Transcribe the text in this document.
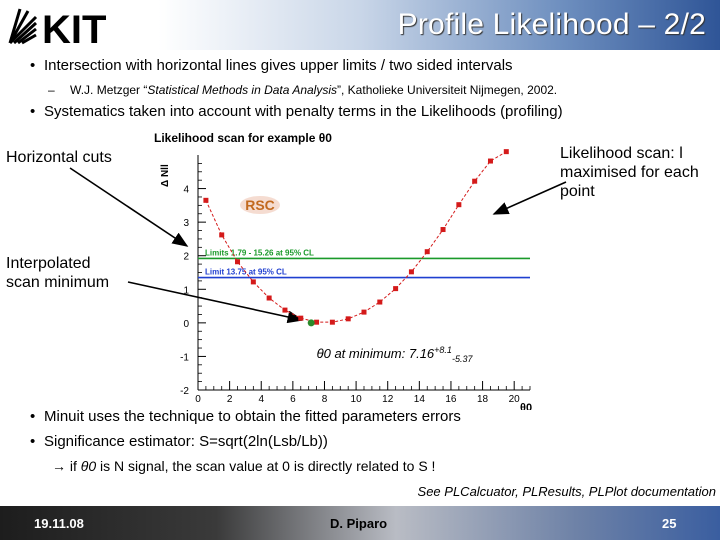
KIT	Profile Likelihood – 2/2
• Intersection with horizontal lines gives upper limits / two sided intervals
– W.J. Metzger “Statistical Methods in Data Analysis”, Katholieke Universiteit Nijmegen, 2002.
• Systematics taken into account with penalty terms in the Likelihoods (profiling)
Horizontal cuts
Interpolated scan minimum
Likelihood scan: l maximised for each point
Likelihood scan for example θ0
Δ Nll
θ0
-2
-1
0
1
2
3
4
0	2	4	6	8 10 12 14 16 18 20
Limits 1.79 - 15.26 at 95% CL
Limit 13.75 at 95% CL
RSC
θ0 at minimum: $7.16^{+8.1}_{-5.37}$
• Minuit uses the technique to obtain the fitted parameters errors
• Significance estimator: S=sqrt(2ln(Lsb/Lb))
→ if θ0 is N signal, the scan value at 0 is directly related to S !
See PLCalcuator, PLResults, PLPlot documentation
19.11.08	D. Piparo	25
